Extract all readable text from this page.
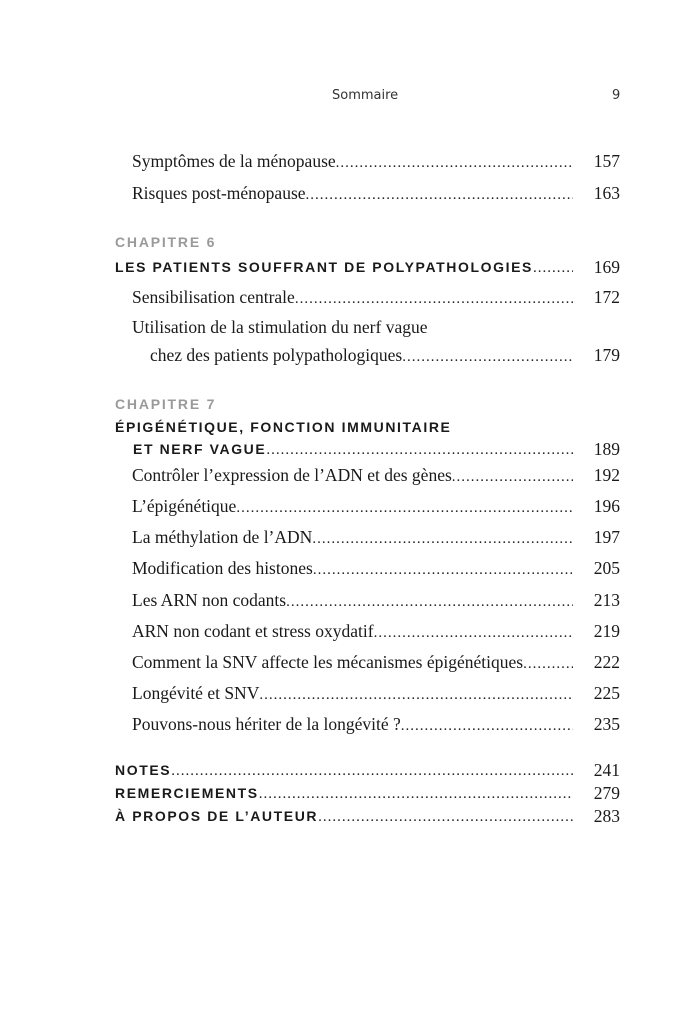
Sommaire	9
Symptômes de la ménopause .....	157
Risques post-ménopause .....	163
CHAPITRE 6
LES PATIENTS SOUFFRANT DE POLYPATHOLOGIES .....	169
Sensibilisation centrale .....	172
Utilisation de la stimulation du nerf vague
chez des patients polypathologiques .....	179
CHAPITRE 7
ÉPIGÉNÉTIQUE, FONCTION IMMUNITAIRE
ET NERF VAGUE .....	189
Contrôler l’expression de l’ADN et des gènes .....	192
L’épigénétique .....	196
La méthylation de l’ADN .....	197
Modification des histones .....	205
Les ARN non codants .....	213
ARN non codant et stress oxydatif .....	219
Comment la SNV affecte les mécanismes épigénétiques .....	222
Longévité et SNV .....	225
Pouvons-nous hériter de la longévité ? .....	235
NOTES .....	241
REMERCIEMENTS .....	279
À PROPOS DE L’AUTEUR .....	283
